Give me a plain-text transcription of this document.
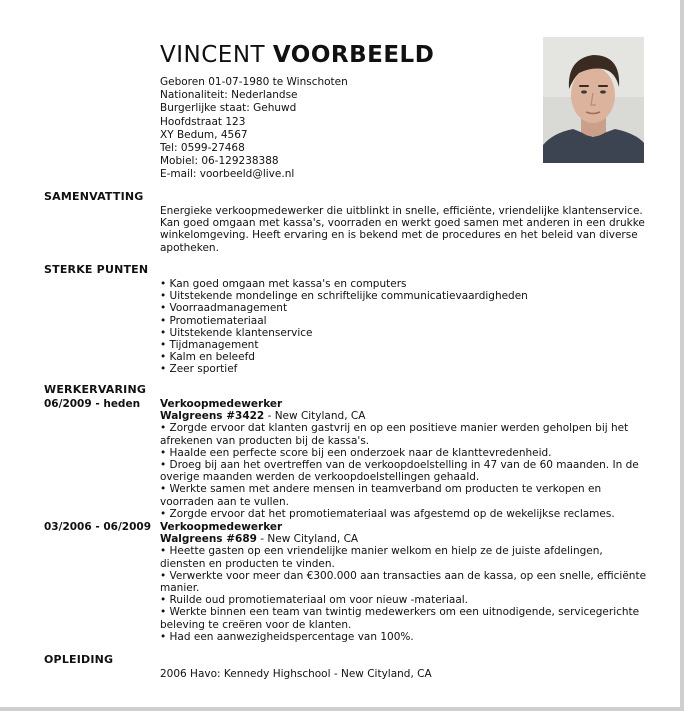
VINCENT VOORBEELD
Geboren 01-07-1980 te Winschoten
Nationaliteit: Nederlandse
Burgerlijke staat: Gehuwd
Hoofdstraat 123
XY Bedum, 4567
Tel: 0599-27468
Mobiel: 06-129238388
E-mail: voorbeeld@live.nl
SAMENVATTING
Energieke verkoopmedewerker die uitblinkt in snelle, efficiënte, vriendelijke klantenservice. Kan goed omgaan met kassa's, voorraden en werkt goed samen met anderen in een drukke winkelomgeving. Heeft ervaring en is bekend met de procedures en het beleid van diverse apotheken.
STERKE PUNTEN
• Kan goed omgaan met kassa's en computers
• Uitstekende mondelinge en schriftelijke communicatievaardigheden
• Voorraadmanagement
• Promotiemateriaal
• Uitstekende klantenservice
• Tijdmanagement
• Kalm en beleefd
• Zeer sportief
WERKERVARING
06/2009 - heden Verkoopmedewerker
Walgreens #3422 - New Cityland, CA
• Zorgde ervoor dat klanten gastvrij en op een positieve manier werden geholpen bij het afrekenen van producten bij de kassa's.
• Haalde een perfecte score bij een onderzoek naar de klanttevredenheid.
• Droeg bij aan het overtreffen van de verkoopdoelstelling in 47 van de 60 maanden. In de overige maanden werden de verkoopdoelstellingen gehaald.
• Werkte samen met andere mensen in teamverband om producten te verkopen en voorraden aan te vullen.
• Zorgde ervoor dat het promotiemateriaal was afgestemd op de wekelijkse reclames.
03/2006 - 06/2009 Verkoopmedewerker
Walgreens #689 - New Cityland, CA
• Heette gasten op een vriendelijke manier welkom en hielp ze de juiste afdelingen, diensten en producten te vinden.
• Verwerkte voor meer dan €300.000 aan transacties aan de kassa, op een snelle, efficiënte manier.
• Ruilde oud promotiemateriaal om voor nieuw -materiaal.
• Werkte binnen een team van twintig medewerkers om een uitnodigende, servicegerichte beleving te creëren voor de klanten.
• Had een aanwezigheidspercentage van 100%.
OPLEIDING
2006 Havo: Kennedy Highschool - New Cityland, CA
